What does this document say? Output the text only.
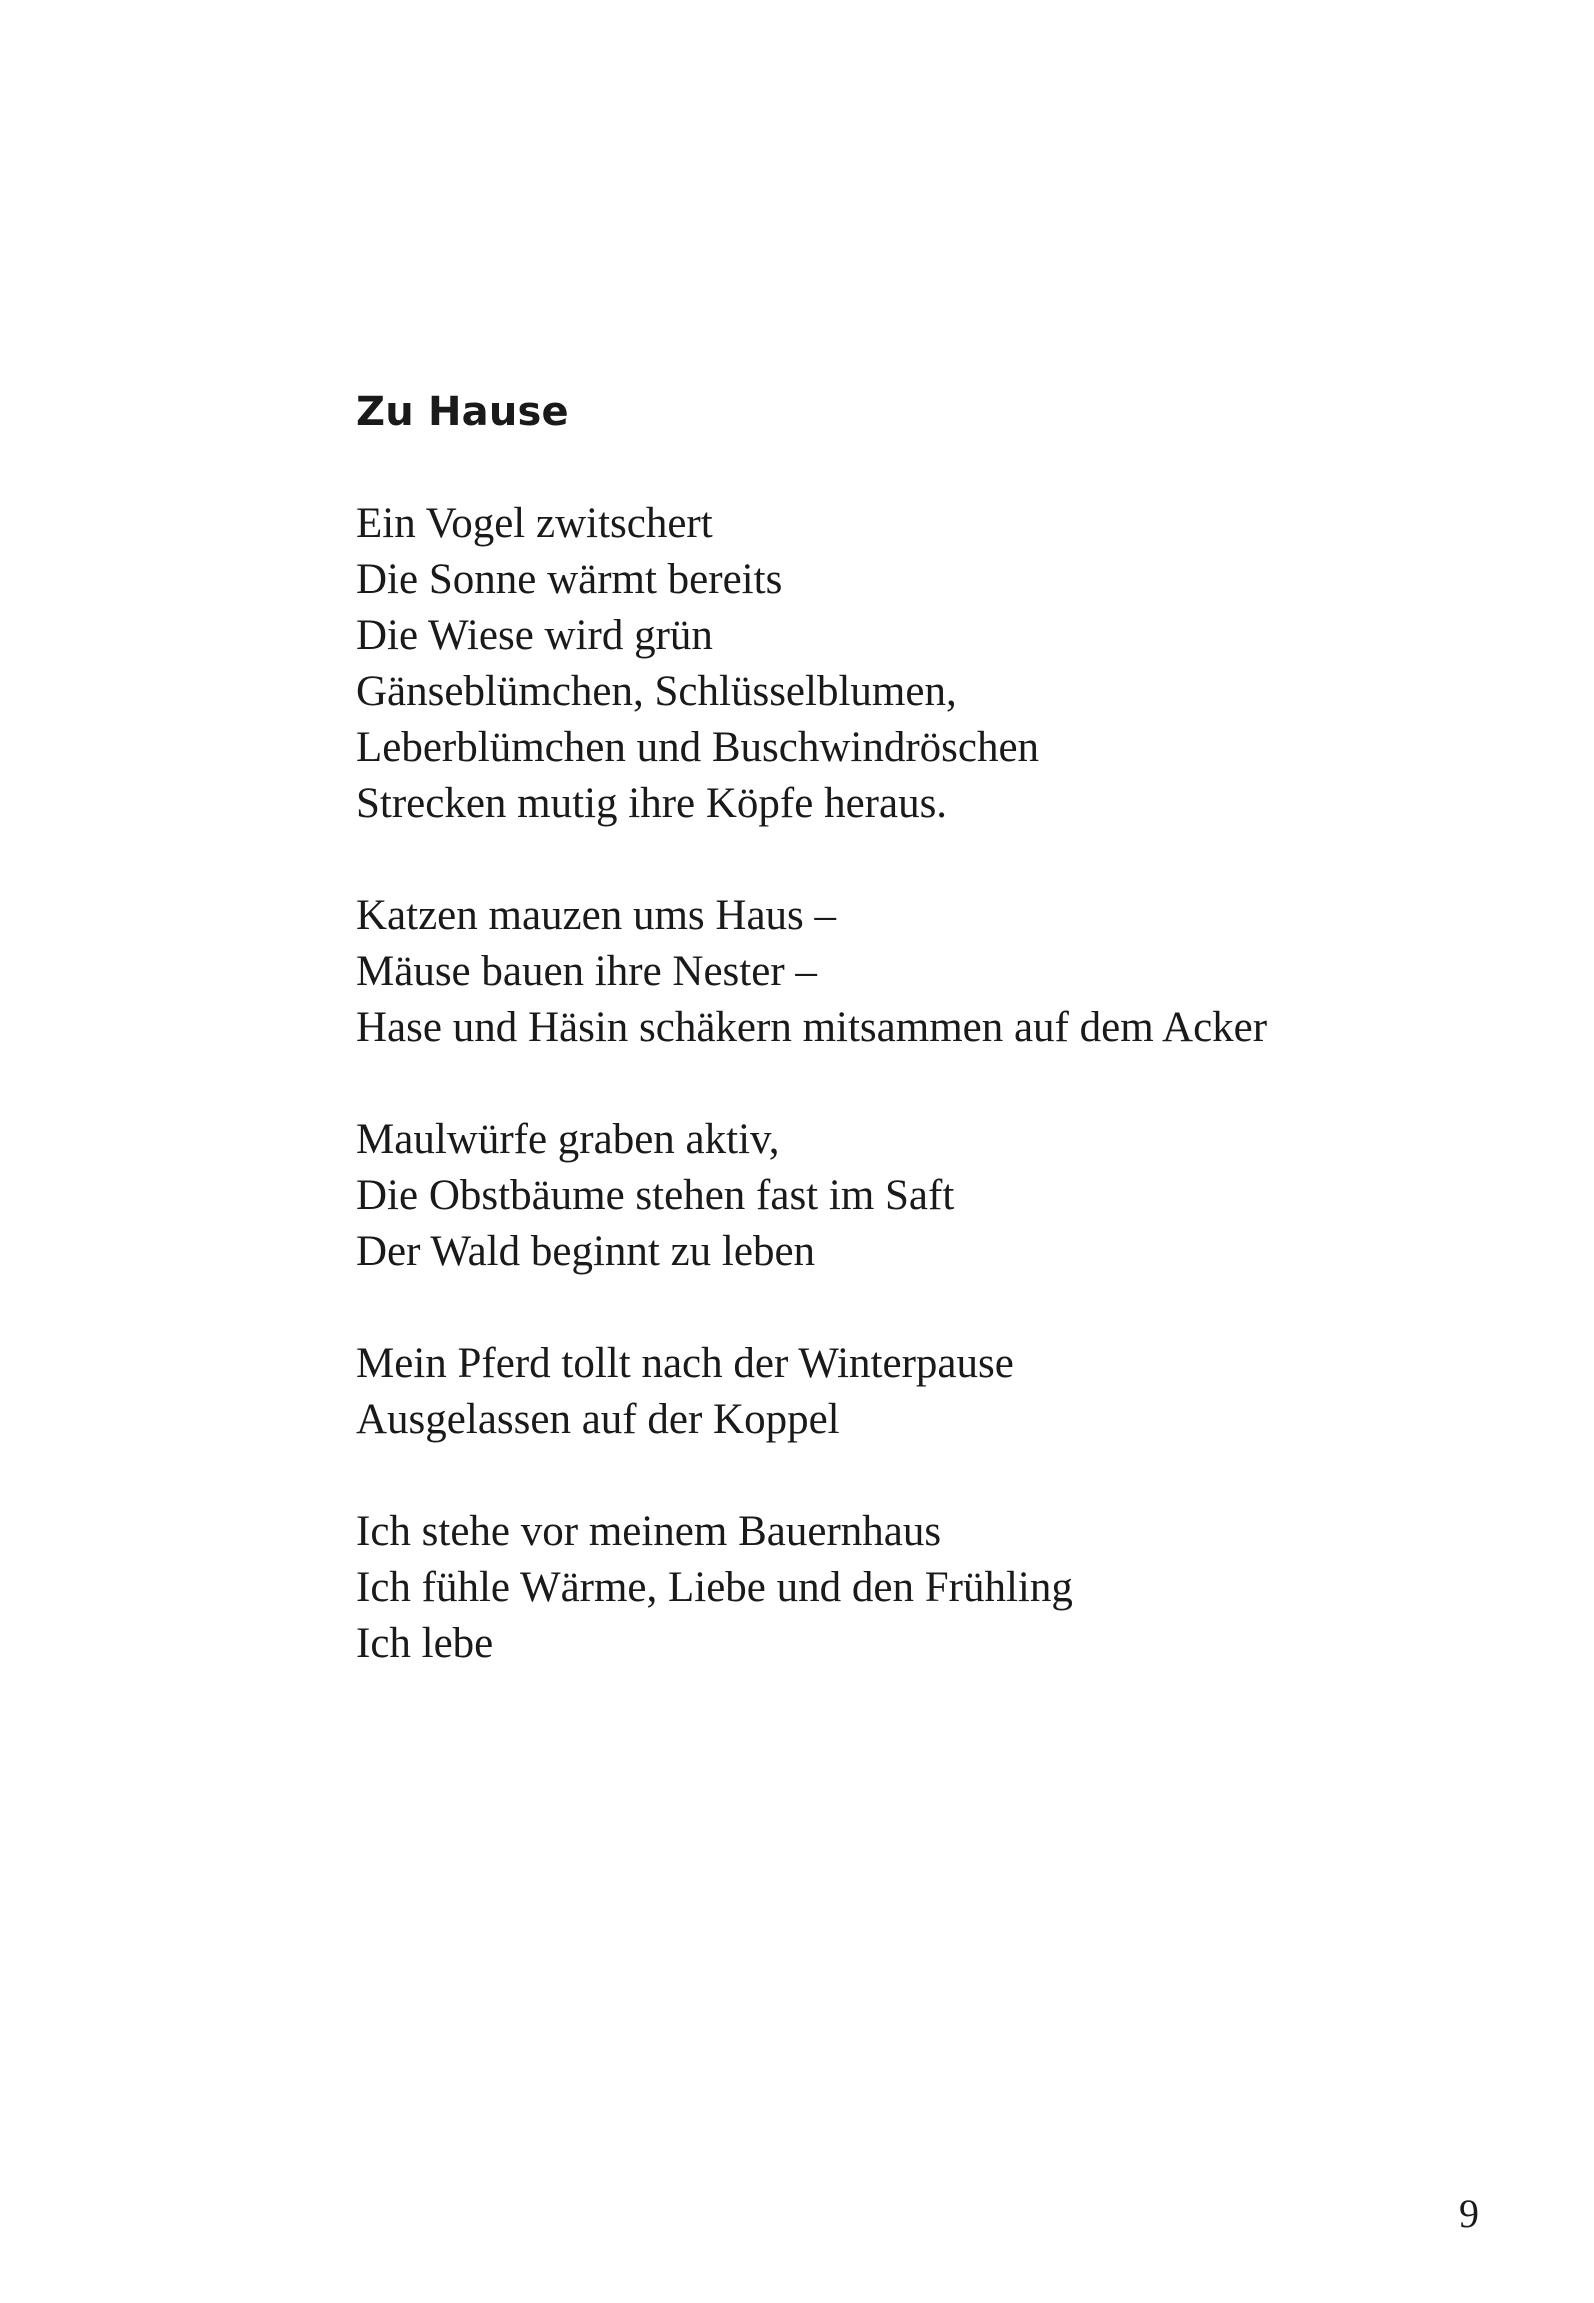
Zu Hause
Ein Vogel zwitschert
Die Sonne wärmt bereits
Die Wiese wird grün
Gänseblümchen, Schlüsselblumen,
Leberblümchen und Buschwindröschen
Strecken mutig ihre Köpfe heraus.
Katzen mauzen ums Haus –
Mäuse bauen ihre Nester –
Hase und Häsin schäkern mitsammen auf dem Acker
Maulwürfe graben aktiv,
Die Obstbäume stehen fast im Saft
Der Wald beginnt zu leben
Mein Pferd tollt nach der Winterpause
Ausgelassen auf der Koppel
Ich stehe vor meinem Bauernhaus
Ich fühle Wärme, Liebe und den Frühling
Ich lebe
9
